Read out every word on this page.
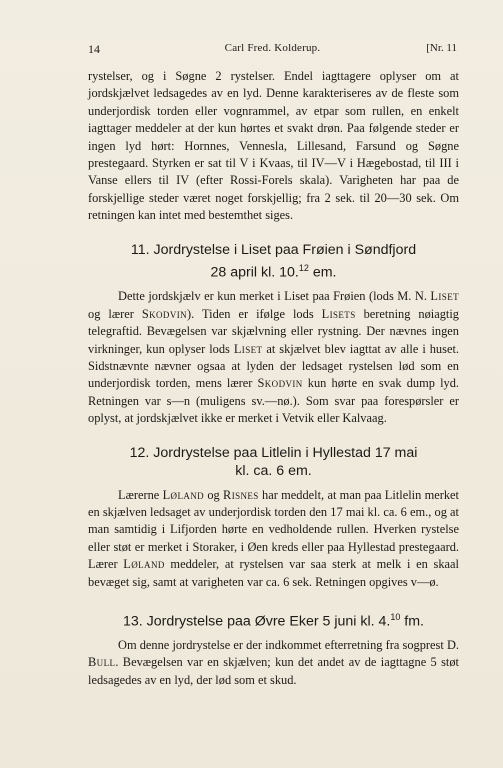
14	Carl Fred. Kolderup.	[Nr. 11

rystelser, og i Søgne 2 rystelser. Endel iagttagere oplyser om at jordskjælvet ledsagedes av en lyd. Denne karakteriseres av de fleste som underjordisk torden eller vognrammel, av etpar som rullen, en enkelt iagttager meddeler at der kun hørtes et svakt drøn. Paa følgende steder er ingen lyd hørt: Hornnes, Vennesla, Lillesand, Farsund og Søgne prestegaard. Styrken er sat til V i Kvaas, til IV—V i Hægebostad, til III i Vanse ellers til IV (efter Rossi-Forels skala). Varigheten har paa de forskjellige steder været noget forskjellig; fra 2 sek. til 20—30 sek. Om retningen kan intet med bestemthet siges.

11. Jordrystelse i Liset paa Frøien i Søndfjord
28 april kl. 10.12 em.

Dette jordskjælv er kun merket i Liset paa Frøien (lods M. N. Liset og lærer Skodvin). Tiden er ifølge lods Lisets beretning nøiagtig telegraftid. Bevægelsen var skjælvning eller rystning. Der nævnes ingen virkninger, kun oplyser lods Liset at skjælvet blev iagttat av alle i huset. Sidstnævnte nævner ogsaa at lyden der ledsaget rystelsen lød som en underjordisk torden, mens lærer Skodvin kun hørte en svak dump lyd. Retningen var s—n (muligens sv.—nø.). Som svar paa forespørsler er oplyst, at jordskjælvet ikke er merket i Vetvik eller Kalvaag.

12. Jordrystelse paa Litlelin i Hyllestad 17 mai
kl. ca. 6 em.

Lærerne Løland og Risnes har meddelt, at man paa Litlelin merket en skjælven ledsaget av underjordisk torden den 17 mai kl. ca. 6 em., og at man samtidig i Lifjorden hørte en vedholdende rullen. Hverken rystelse eller støt er merket i Storaker, i Øen kreds eller paa Hyllestad prestegaard. Lærer Løland meddeler, at rystelsen var saa sterk at melk i en skaal bevæget sig, samt at varigheten var ca. 6 sek. Retningen opgives v—ø.

13. Jordrystelse paa Øvre Eker 5 juni kl. 4.10 fm.

Om denne jordrystelse er der indkommet efterretning fra sogprest D. Bull. Bevægelsen var en skjælven; kun det andet av de iagttagne 5 støt ledsagedes av en lyd, der lød som et skud.
